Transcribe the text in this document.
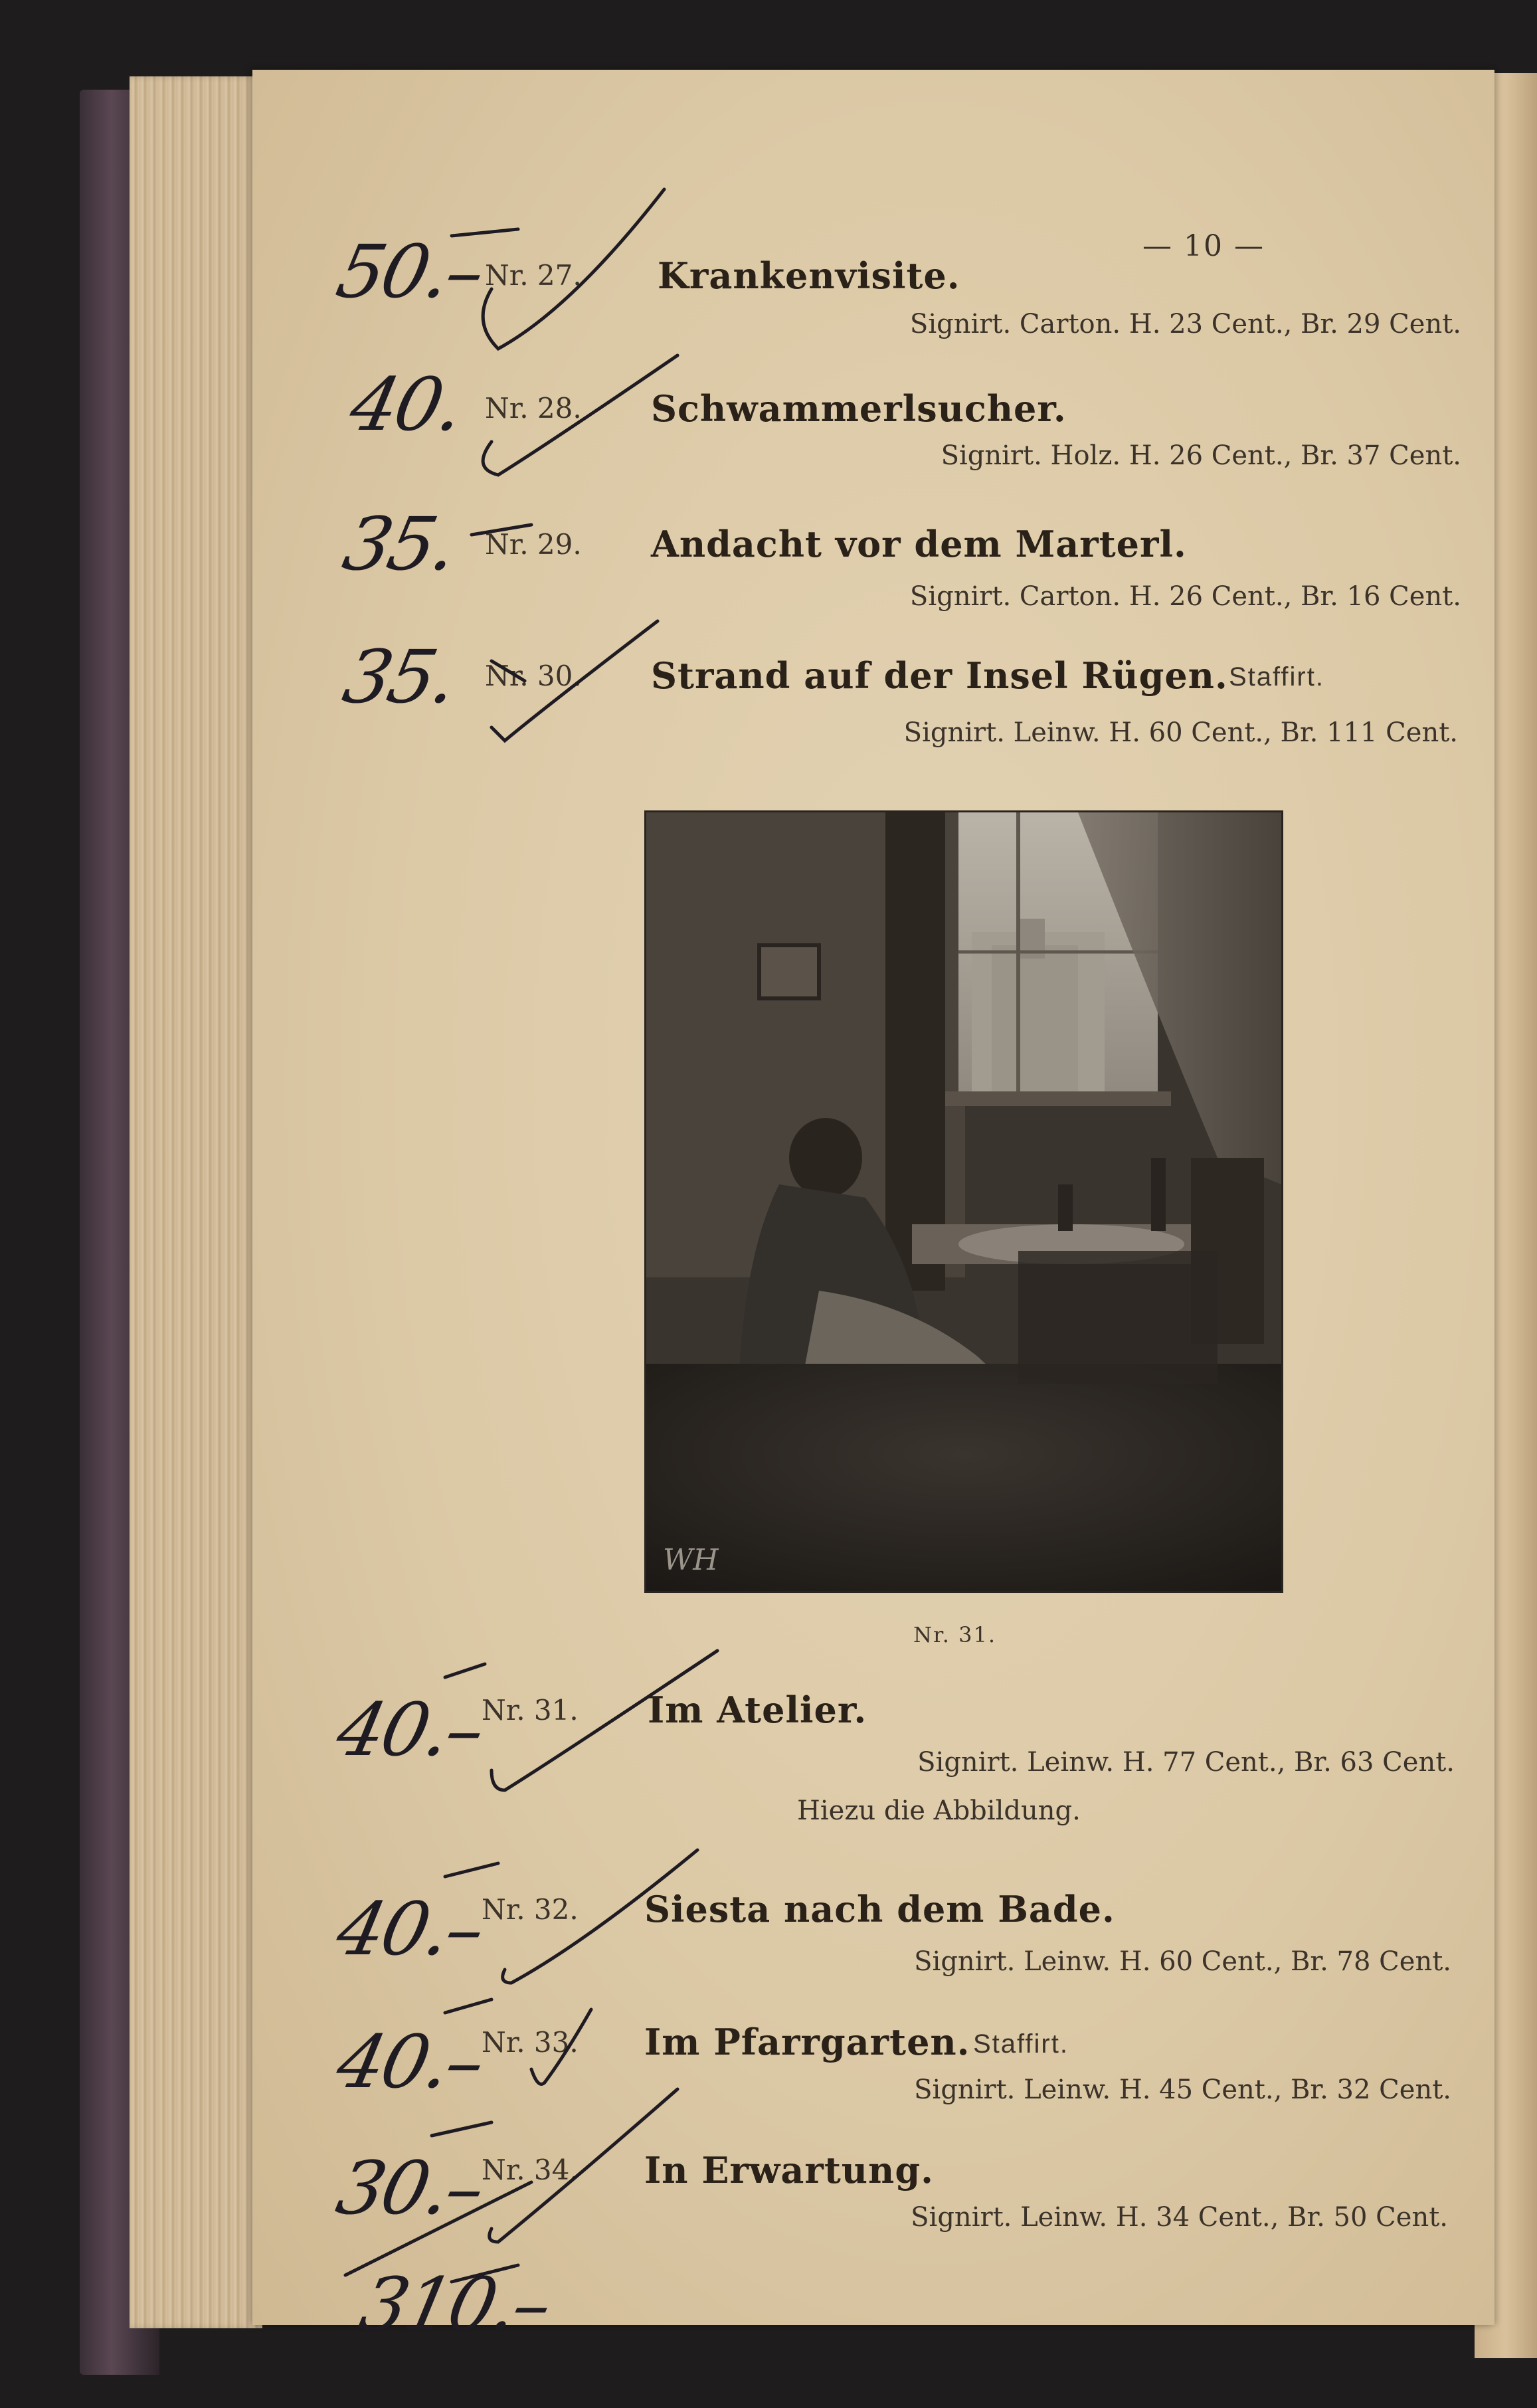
— 10 —
50.–
Nr. 27. Krankenvisite.
Signirt. Carton. H. 23 Cent., Br. 29 Cent.
40. Nr. 28. Schwammerlsucher.
Signirt. Holz. H. 26 Cent., Br. 37 Cent.
35. Nr. 29. Andacht vor dem Marterl.
Signirt. Carton. H. 26 Cent., Br. 16 Cent.
35. Nr. 30. Strand auf der Insel Rügen. Staffirt.
Signirt. Leinw. H. 60 Cent., Br. 111 Cent.
WH
Nr. 31.
40.–
Nr. 31. Im Atelier.
Signirt. Leinw. H. 77 Cent., Br. 63 Cent.
Hiezu die Abbildung.
40.–
Nr. 32. Siesta nach dem Bade.
Signirt. Leinw. H. 60 Cent., Br. 78 Cent.
40.–
Nr. 33. Im Pfarrgarten. Staffirt.
Signirt. Leinw. H. 45 Cent., Br. 32 Cent.
30.–
Nr. 34. In Erwartung.
Signirt. Leinw. H. 34 Cent., Br. 50 Cent.
310.–
